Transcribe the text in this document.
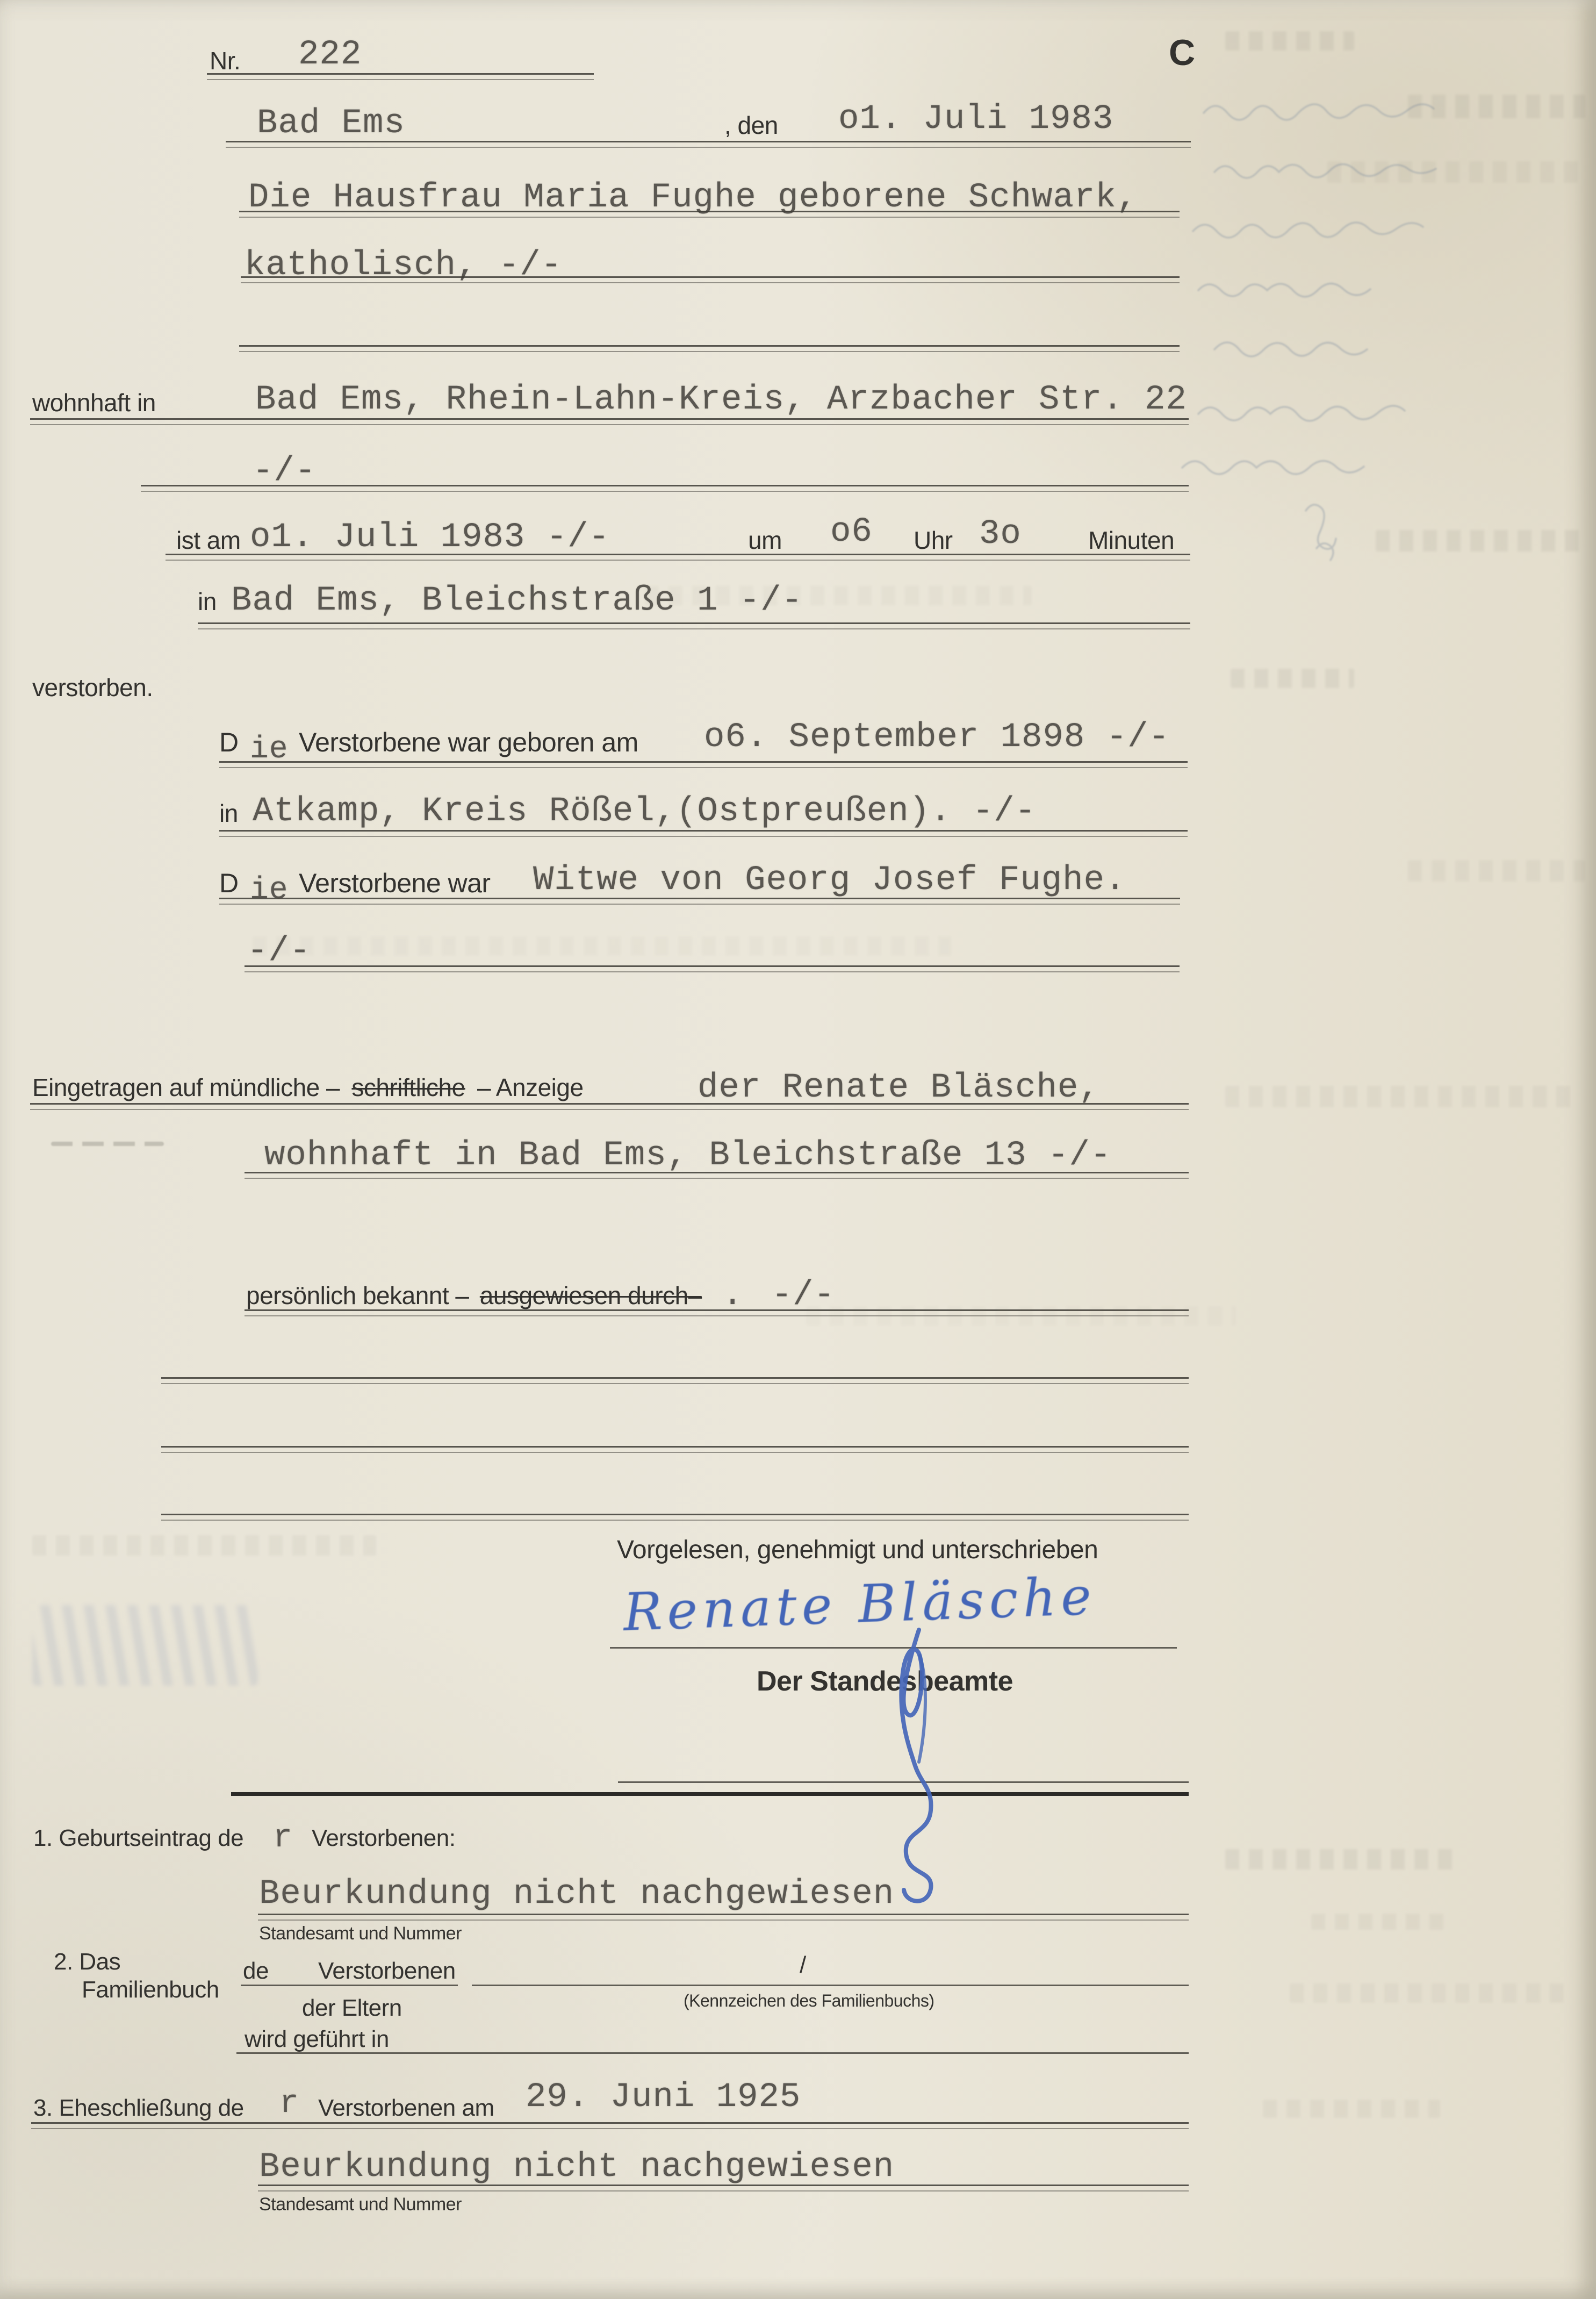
Nr. 222	C
Bad Ems	, den o1. Juli 1983
Die Hausfrau Maria Fughe geborene Schwark,
katholisch, -/-
wohnhaft in	Bad Ems, Rhein-Lahn-Kreis, Arzbacher Str. 22
-/-
ist am o1. Juli 1983 -/-	um o6 Uhr 3o	Minuten
in Bad Ems, Bleichstraße 1 -/-
verstorben.
D ie Verstorbene war geboren am o6. September 1898 -/-
in Atkamp, Kreis Rößel,(Ostpreußen). -/-
D ie Verstorbene war Witwe von Georg Josef Fughe.
-/-
Eingetragen auf mündliche – schriftliche – Anzeige	der Renate Bläsche,
wohnhaft in Bad Ems, Bleichstraße 13 -/-
persönlich bekannt – ausgewiesen durch– . -/-
Vorgelesen, genehmigt und unterschrieben
Renate Bläsche
Der Standesbeamte
1. Geburtseintrag de r Verstorbenen:
Beurkundung nicht nachgewiesen
Standesamt und Nummer
2. Das
Familienbuch
de Verstorbenen	/
der Eltern	(Kennzeichen des Familienbuchs)
wird geführt in
3. Eheschließung de r Verstorbenen am 29. Juni 1925
Beurkundung nicht nachgewiesen
Standesamt und Nummer
